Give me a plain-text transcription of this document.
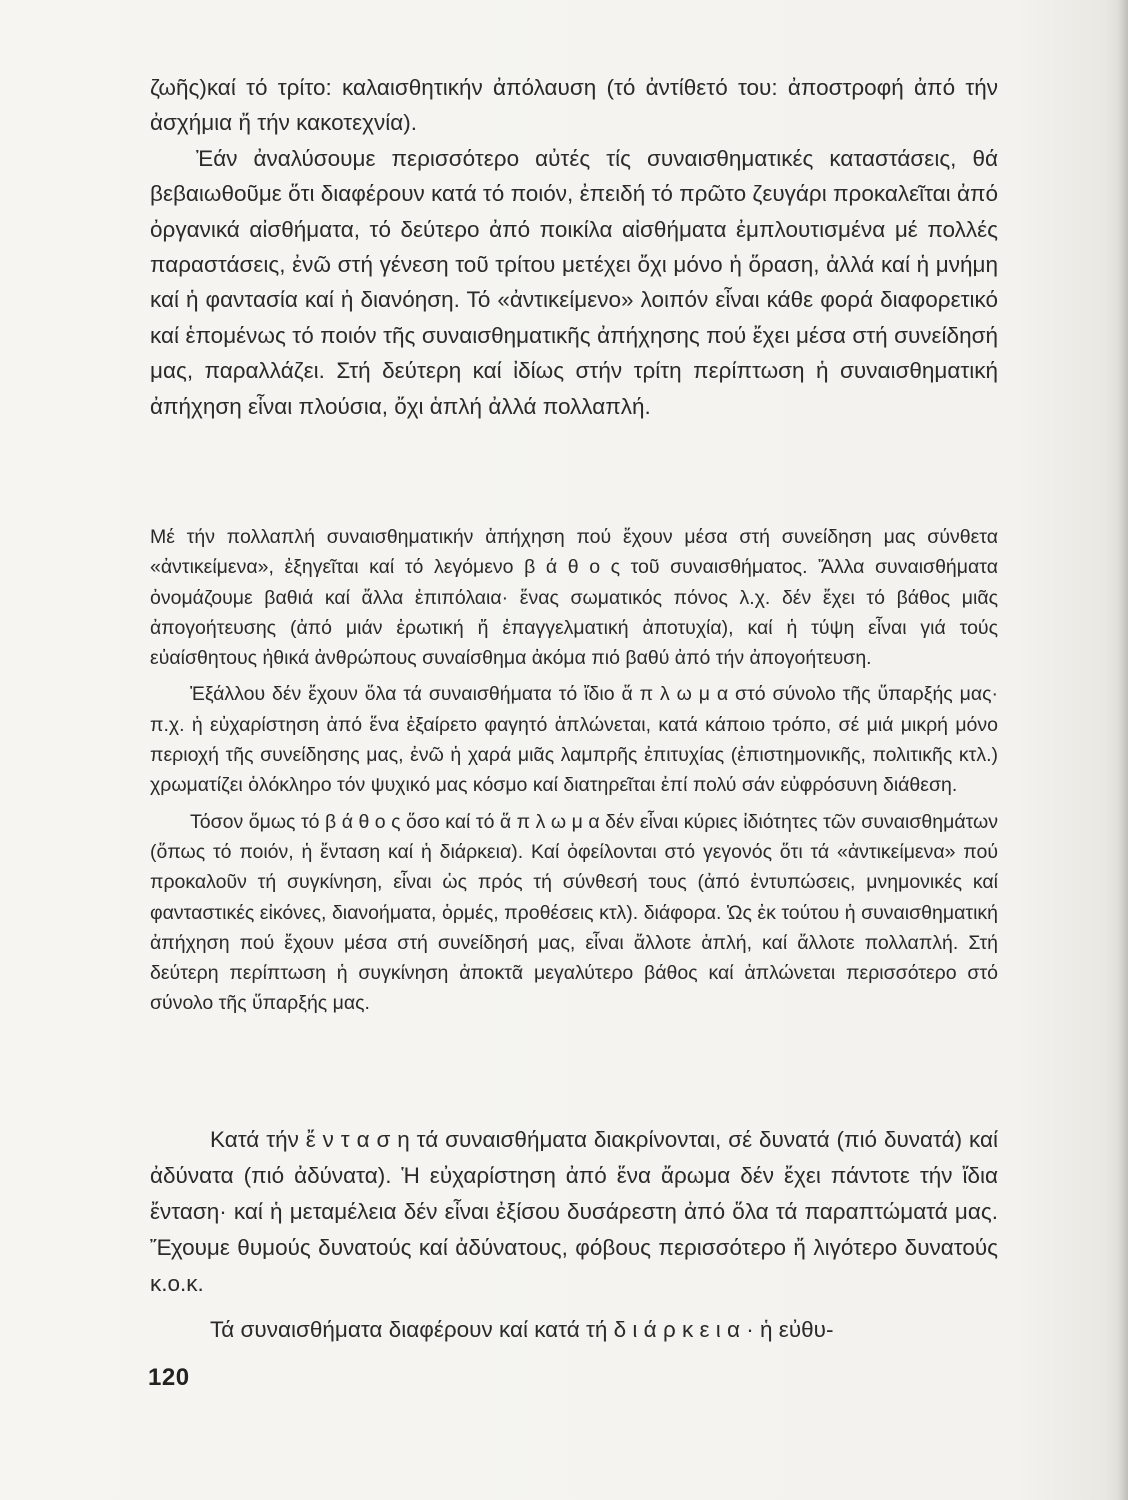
ζωῆς)καί τό τρίτο: καλαισθητικήν ἀπόλαυση (τό ἀντίθετό του: ἀποστροφή ἀπό τήν ἀσχήμια ἤ τήν κακοτεχνία).

Ἐάν ἀναλύσουμε περισσότερο αὐτές τίς συναισθηματικές καταστάσεις, θά βεβαιωθοῦμε ὅτι διαφέρουν κατά τό ποιόν, ἐπειδή τό πρῶτο ζευγάρι προκαλεῖται ἀπό ὀργανικά αἰσθήματα, τό δεύτερο ἀπό ποικίλα αἰσθήματα ἐμπλουτισμένα μέ πολλές παραστάσεις, ἐνῶ στή γένεση τοῦ τρίτου μετέχει ὄχι μόνο ἡ ὅραση, ἀλλά καί ἡ μνήμη καί ἡ φαντασία καί ἡ διανόηση. Τό «ἀντικείμενο» λοιπόν εἶναι κάθε φορά διαφορετικό καί ἑπομένως τό ποιόν τῆς συναισθηματικῆς ἀπήχησης πού ἔχει μέσα στή συνείδησή μας, παραλλάζει. Στή δεύτερη καί ἰδίως στήν τρίτη περίπτωση ἡ συναισθηματική ἀπήχηση εἶναι πλούσια, ὄχι ἁπλή ἀλλά πολλαπλή.

Μέ τήν πολλαπλή συναισθηματικήν ἀπήχηση πού ἔχουν μέσα στή συνείδηση μας σύνθετα «ἀντικείμενα», ἐξηγεῖται καί τό λεγόμενο β ά θ ο ς τοῦ συναισθήματος. Ἄλλα συναισθήματα ὀνομάζουμε βαθιά καί ἄλλα ἐπιπόλαια· ἕνας σωματικός πόνος λ.χ. δέν ἔχει τό βάθος μιᾶς ἀπογοήτευσης (ἀπό μιάν ἐρωτική ἤ ἐπαγγελματική ἀποτυχία), καί ἡ τύψη εἶναι γιά τούς εὐαίσθητους ἠθικά ἀνθρώπους συναίσθημα ἀκόμα πιό βαθύ ἀπό τήν ἀπογοήτευση.

Ἐξάλλου δέν ἔχουν ὅλα τά συναισθήματα τό ἴδιο ἅ π λ ω μ α στό σύνολο τῆς ὕπαρξής μας· π.χ. ἡ εὐχαρίστηση ἀπό ἕνα ἐξαίρετο φαγητό ἁπλώνεται, κατά κάποιο τρόπο, σέ μιά μικρή μόνο περιοχή τῆς συνείδησης μας, ἐνῶ ἡ χαρά μιᾶς λαμπρῆς ἐπιτυχίας (ἐπιστημονικῆς, πολιτικῆς κτλ.) χρωματίζει ὁλόκληρο τόν ψυχικό μας κόσμο καί διατηρεῖται ἐπί πολύ σάν εὐφρόσυνη διάθεση.

Τόσον ὅμως τό β ά θ ο ς ὅσο καί τό ἅ π λ ω μ α δέν εἶναι κύριες ἰδιότητες τῶν συναισθημάτων (ὅπως τό ποιόν, ἡ ἔνταση καί ἡ διάρκεια). Καί ὀφείλονται στό γεγονός ὅτι τά «ἀντικείμενα» πού προκαλοῦν τή συγκίνηση, εἶναι ὡς πρός τή σύνθεσή τους (ἀπό ἐντυπώσεις, μνημονικές καί φανταστικές εἰκόνες, διανοήματα, ὁρμές, προθέσεις κτλ). διάφορα. Ὡς ἐκ τούτου ἡ συναισθηματική ἀπήχηση πού ἔχουν μέσα στή συνείδησή μας, εἶναι ἄλλοτε ἁπλή, καί ἄλλοτε πολλαπλή. Στή δεύτερη περίπτωση ἡ συγκίνηση ἀποκτᾶ μεγαλύτερο βάθος καί ἁπλώνεται περισσότερο στό σύνολο τῆς ὕπαρξής μας.

Κατά τήν ἔ ν τ α σ η τά συναισθήματα διακρίνονται, σέ δυνατά (πιό δυνατά) καί ἀδύνατα (πιό ἀδύνατα). Ἡ εὐχαρίστηση ἀπό ἕνα ἄρωμα δέν ἔχει πάντοτε τήν ἴδια ἔνταση· καί ἡ μεταμέλεια δέν εἶναι ἐξίσου δυσάρεστη ἀπό ὅλα τά παραπτώματά μας. Ἔχουμε θυμούς δυνατούς καί ἀδύνατους, φόβους περισσότερο ἤ λιγότερο δυνατούς κ.ο.κ.

Τά συναισθήματα διαφέρουν καί κατά τή δ ι ά ρ κ ε ι α · ἡ εὐθυ-

120
